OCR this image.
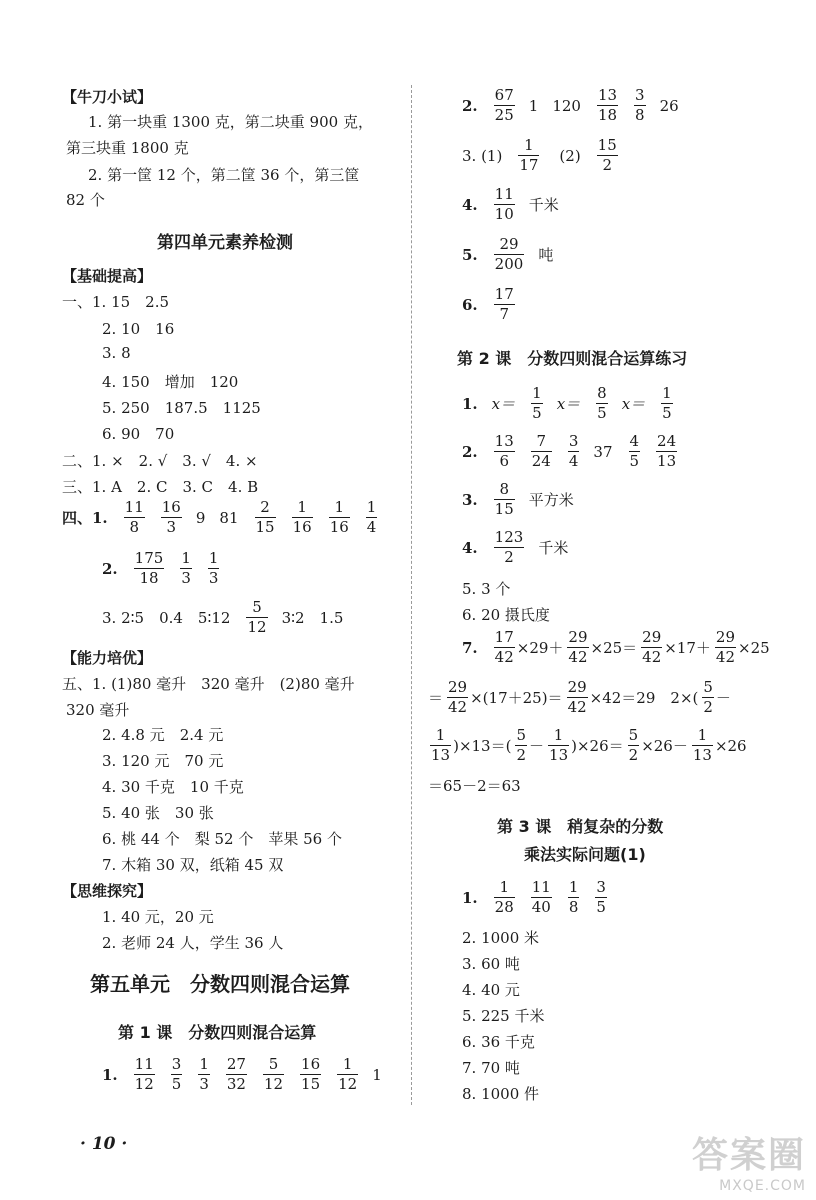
【牛刀小试】
1. 第一块重 1300 克，第二块重 900 克，
第三块重 1800 克
2. 第一筐 12 个，第二筐 36 个，第三筐
82 个
第四单元素养检测
【基础提高】
一、1. 15　2.5
2. 10　16
3. 8
4. 150　增加　120
5. 250　187.5　1125
6. 90　70
二、1. ×　2. √　3. √　4. ×
三、1. A　2. C　3. C　4. B
四、1. $\frac{11}{8} \frac{16}{3} 9$ $81 \frac{2}{15} \frac{1}{16} \frac{1}{16} \frac{1}{4}$
2. $\frac{175}{18} \frac{1}{3} \frac{1}{3}$
3. 2∶5　0.4　5∶12 $\frac{5}{12}$ 3∶2　1.5
【能力培优】
五、1. (1)80 毫升　320 毫升　(2)80 毫升
320 毫升
2. 4.8 元　2.4 元
3. 120 元　70 元
4. 30 千克　10 千克
5. 40 张　30 张
6. 桃 44 个　梨 52 个　苹果 56 个
7. 木箱 30 双，纸箱 45 双
【思维探究】
1. 40 元，20 元
2. 老师 24 人，学生 36 人
第五单元　分数四则混合运算
第 1 课　分数四则混合运算
1. $\frac{11}{12} \frac{3}{5} \frac{1}{3} \frac{27}{32} \frac{5}{12} \frac{16}{15} \frac{1}{12} 1$
· 10 ·
2. $\frac{67}{25} 1$ $120 \frac{13}{18} \frac{3}{8} 26$
3. $(1) \frac{1}{17} (2) \frac{15}{2}$
4. $\frac{11}{10}$ 千米
5. $\frac{29}{200}$ 吨
6. $\frac{17}{7}$
第 2 课　分数四则混合运算练习
1. $x= \frac{1}{5} x= \frac{8}{5} x= \frac{1}{5}$
2. $\frac{13}{6} \frac{7}{24} \frac{3}{4} 37 \frac{4}{5} \frac{24}{13}$
3. $\frac{8}{15}$ 平方米
4. $\frac{123}{2}$ 千米
5. 3 个
6. 20 摄氏度
7. $\frac{17}{42} \times 29+ \frac{29}{42} \times 25= \frac{29}{42} \times 17+ \frac{29}{42} \times 25$
＝ $\frac{29}{42} \times(17+25)= \frac{29}{42} \times 42=29$　$2\times( \frac{5}{2}$ －
$\frac{1}{13} )\times 13=( \frac{5}{2} - \frac{1}{13} )\times 26= \frac{5}{2} \times 26- \frac{1}{13} \times 26$
＝65－2＝63
第 3 课　稍复杂的分数
乘法实际问题(1)
1. $\frac{1}{28} \frac{11}{40} \frac{1}{8} \frac{3}{5}$
2. 1000 米
3. 60 吨
4. 40 元
5. 225 千米
6. 36 千克
7. 70 吨
8. 1000 件
答案圈
MXQE.COM
